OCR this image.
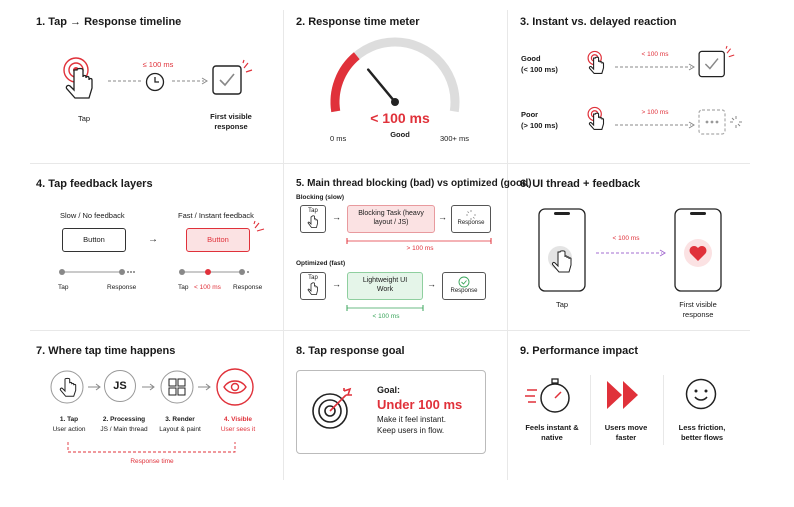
1. Tap → Response timeline
Tap
≤ 100 ms
First visible response
2. Response time meter
< 100 ms
Good
0 ms	300+ ms
3. Instant vs. delayed reaction
Good
(< 100 ms)
< 100 ms
Poor
(> 100 ms)
> 100 ms
4. Tap feedback layers
Slow / No feedback	Fast / Instant feedback
Button	→	Button
Tap	Response	Tap < 100 ms Response
5. Main thread blocking (bad) vs optimized (good)
Blocking (slow)
Tap
→	Blocking Task (heavy layout / JS)
→
Response
> 100 ms
Optimized (fast)
Tap
→	Lightweight UI Work
→
Response
< 100 ms
6. UI thread + feedback
Tap
< 100 ms
First visible response
7. Where tap time happens
JS
1. Tap
User action
2. Processing
JS / Main thread
3. Render
Layout & paint
4. Visible
User sees it
Response time
8. Tap response goal
Goal:
Under 100 ms
Make it feel instant.
Keep users in flow.
9. Performance impact
Feels instant & native
Users move faster
Less friction, better flows
